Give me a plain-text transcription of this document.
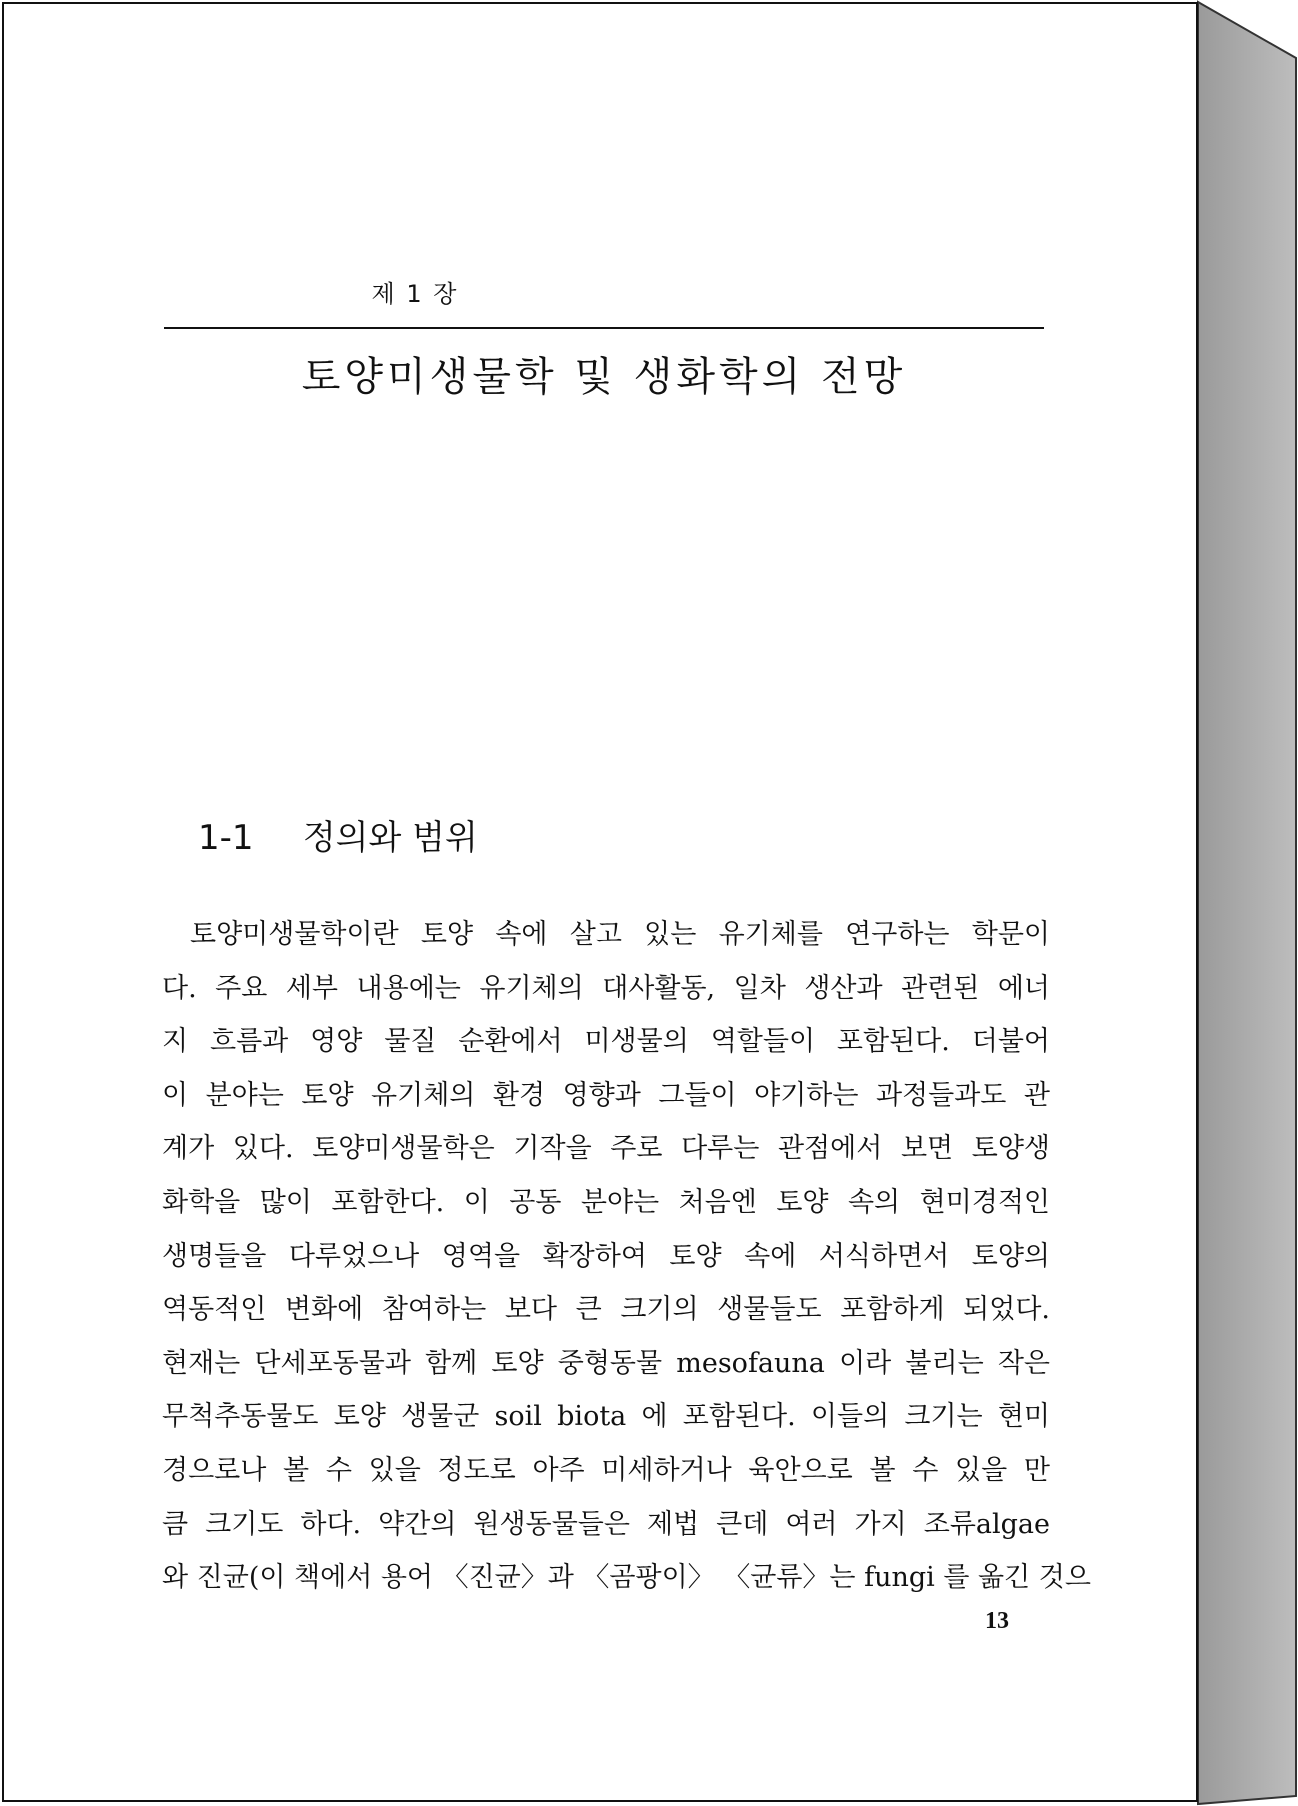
제 1 장
토양미생물학 및 생화학의 전망
1-1 정의와 범위
토양미생물학이란 토양 속에 살고 있는 유기체를 연구하는 학문이
다. 주요 세부 내용에는 유기체의 대사활동, 일차 생산과 관련된 에너
지 흐름과 영양 물질 순환에서 미생물의 역할들이 포함된다. 더불어
이 분야는 토양 유기체의 환경 영향과 그들이 야기하는 과정들과도 관
계가 있다. 토양미생물학은 기작을 주로 다루는 관점에서 보면 토양생
화학을 많이 포함한다. 이 공동 분야는 처음엔 토양 속의 현미경적인
생명들을 다루었으나 영역을 확장하여 토양 속에 서식하면서 토양의
역동적인 변화에 참여하는 보다 큰 크기의 생물들도 포함하게 되었다.
현재는 단세포동물과 함께 토양 중형동물 mesofauna 이라 불리는 작은
무척추동물도 토양 생물군 soil biota 에 포함된다. 이들의 크기는 현미
경으로나 볼 수 있을 정도로 아주 미세하거나 육안으로 볼 수 있을 만
큼 크기도 하다. 약간의 원생동물들은 제법 큰데 여러 가지 조류algae
와 진균(이 책에서 용어 〈진균〉과 〈곰팡이〉 〈균류〉는 fungi 를 옮긴 것으
13
